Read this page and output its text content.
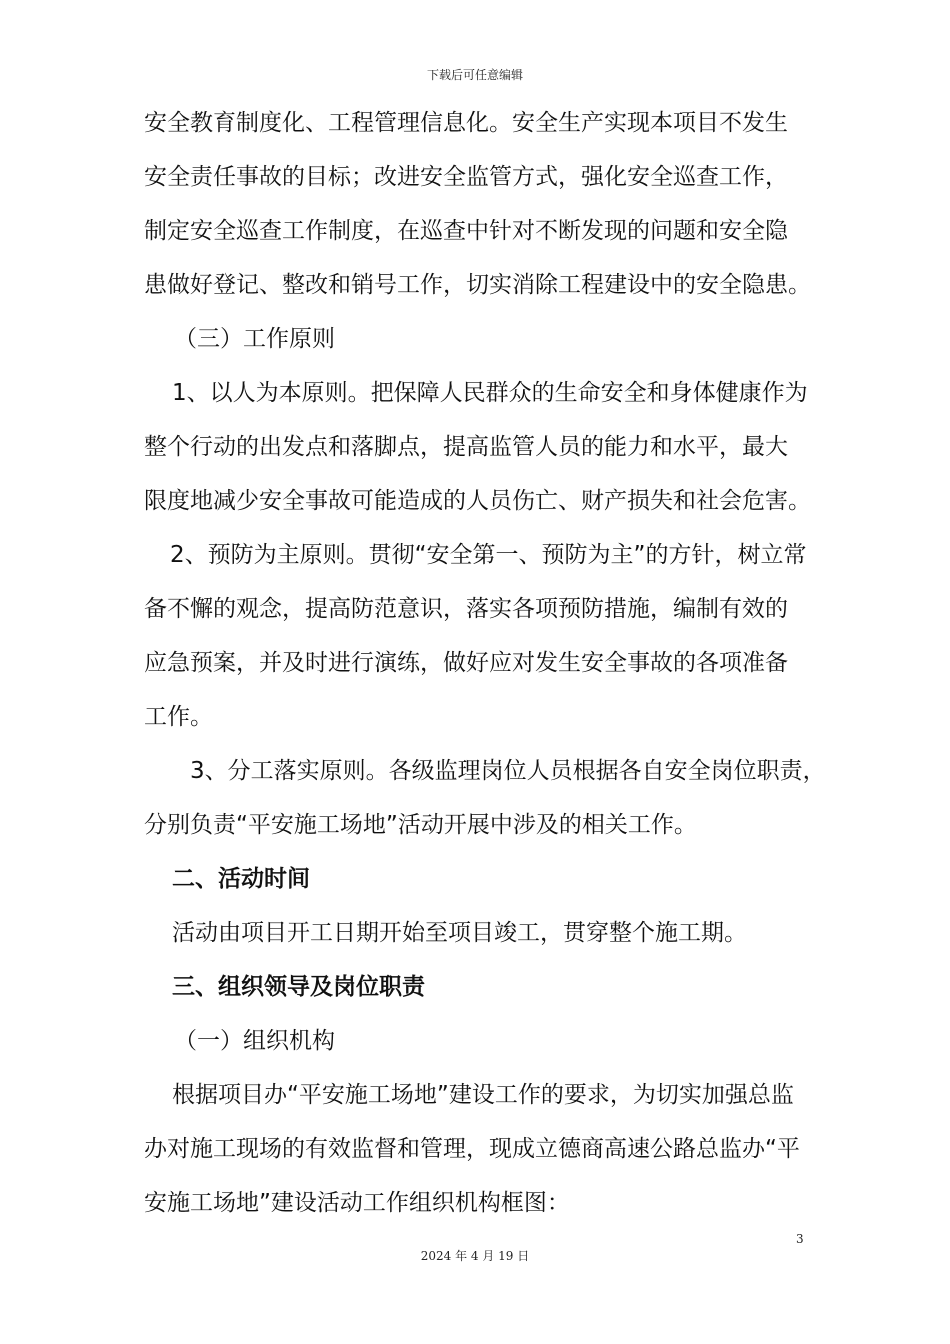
下载后可任意编辑
安全教育制度化、工程管理信息化。安全生产实现本项目不发生
安全责任事故的目标；改进安全监管方式，强化安全巡查工作，
制定安全巡查工作制度，在巡查中针对不断发现的问题和安全隐
患做好登记、整改和销号工作，切实消除工程建设中的安全隐患。
（三）工作原则
1、以人为本原则。把保障人民群众的生命安全和身体健康作为
整个行动的出发点和落脚点，提高监管人员的能力和水平，最大
限度地减少安全事故可能造成的人员伤亡、财产损失和社会危害。
2、预防为主原则。贯彻“安全第一、预防为主”的方针，树立常
备不懈的观念，提高防范意识，落实各项预防措施，编制有效的
应急预案，并及时进行演练，做好应对发生安全事故的各项准备
工作。
3、分工落实原则。各级监理岗位人员根据各自安全岗位职责，
分别负责“平安施工场地”活动开展中涉及的相关工作。
二、活动时间
活动由项目开工日期开始至项目竣工，贯穿整个施工期。
三、组织领导及岗位职责
（一）组织机构
根据项目办“平安施工场地”建设工作的要求，为切实加强总监
办对施工现场的有效监督和管理，现成立德商高速公路总监办“平
安施工场地”建设活动工作组织机构框图：
3
2024 年 4 月 19 日
